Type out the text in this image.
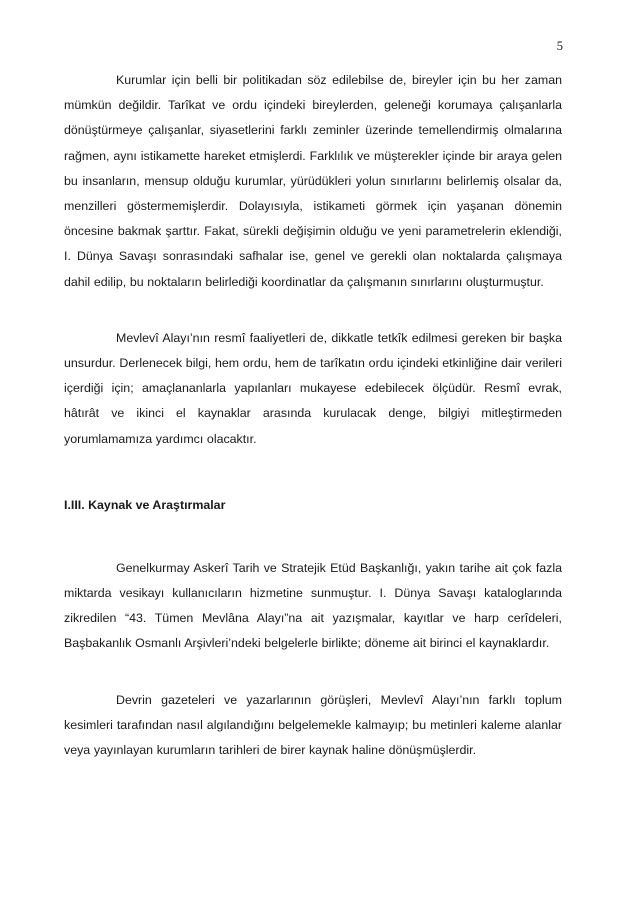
5

Kurumlar için belli bir politikadan söz edilebilse de, bireyler için bu her zaman mümkün değildir. Tarîkat ve ordu içindeki bireylerden, geleneği korumaya çalışanlarla dönüştürmeye çalışanlar, siyasetlerini farklı zeminler üzerinde temellendirmiş olmalarına rağmen, aynı istikamette hareket etmişlerdi. Farklılık ve müşterekler içinde bir araya gelen bu insanların, mensup olduğu kurumlar, yürüdükleri yolun sınırlarını belirlemiş olsalar da, menzilleri göstermemişlerdir. Dolayısıyla, istikameti görmek için yaşanan dönemin öncesine bakmak şarttır. Fakat, sürekli değişimin olduğu ve yeni parametrelerin eklendiği, I. Dünya Savaşı sonrasındaki safhalar ise, genel ve gerekli olan noktalarda çalışmaya dahil edilip, bu noktaların belirlediği koordinatlar da çalışmanın sınırlarını oluşturmuştur.

Mevlevî Alayı’nın resmî faaliyetleri de, dikkatle tetkîk edilmesi gereken bir başka unsurdur. Derlenecek bilgi, hem ordu, hem de tarîkatın ordu içindeki etkinliğine dair verileri içerdiği için; amaçlananlarla yapılanları mukayese edebilecek ölçüdür. Resmî evrak, hâtırât ve ikinci el kaynaklar arasında kurulacak denge, bilgiyi mitleştirmeden yorumlamamıza yardımcı olacaktır.

I.III. Kaynak ve Araştırmalar

Genelkurmay Askerî Tarih ve Stratejik Etüd Başkanlığı, yakın tarihe ait çok fazla miktarda vesikayı kullanıcıların hizmetine sunmuştur. I. Dünya Savaşı kataloglarında zikredilen “43. Tümen Mevlâna Alayı”na ait yazışmalar, kayıtlar ve harp cerîdeleri, Başbakanlık Osmanlı Arşivleri’ndeki belgelerle birlikte; döneme ait birinci el kaynaklardır.

Devrin gazeteleri ve yazarlarının görüşleri, Mevlevî Alayı’nın farklı toplum kesimleri tarafından nasıl algılandığını belgelemekle kalmayıp; bu metinleri kaleme alanlar veya yayınlayan kurumların tarihleri de birer kaynak haline dönüşmüşlerdir.
